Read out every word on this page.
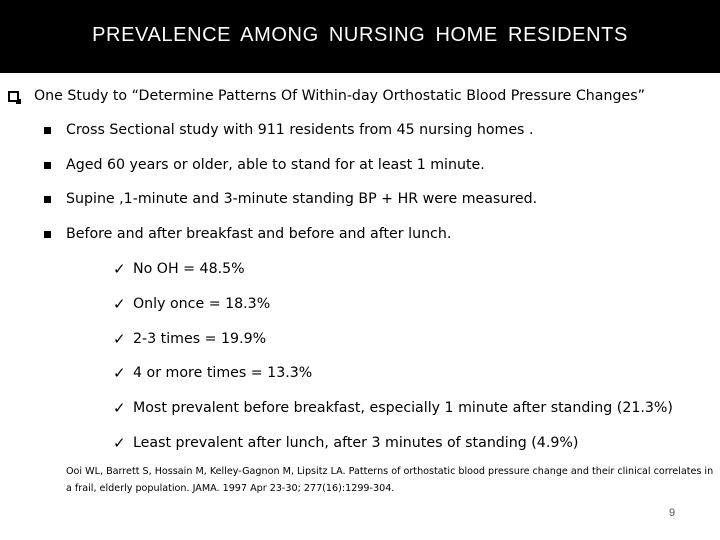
PREVALENCE AMONG NURSING HOME RESIDENTS
One Study to “Determine Patterns Of Within-day Orthostatic Blood Pressure Changes”
Cross Sectional study with 911 residents from 45 nursing homes .
Aged 60 years or older, able to stand for at least 1 minute.
Supine ,1-minute and 3-minute standing BP + HR were measured.
Before and after breakfast and before and after lunch.
✓ No OH = 48.5%
✓ Only once = 18.3%
✓ 2-3 times = 19.9%
✓ 4 or more times = 13.3%
✓ Most prevalent before breakfast, especially 1 minute after standing (21.3%)
✓ Least prevalent after lunch, after 3 minutes of standing (4.9%)
Ooi WL, Barrett S, Hossain M, Kelley-Gagnon M, Lipsitz LA. Patterns of orthostatic blood pressure change and their clinical correlates in a frail, elderly population. JAMA. 1997 Apr 23-30; 277(16):1299-304.
9
